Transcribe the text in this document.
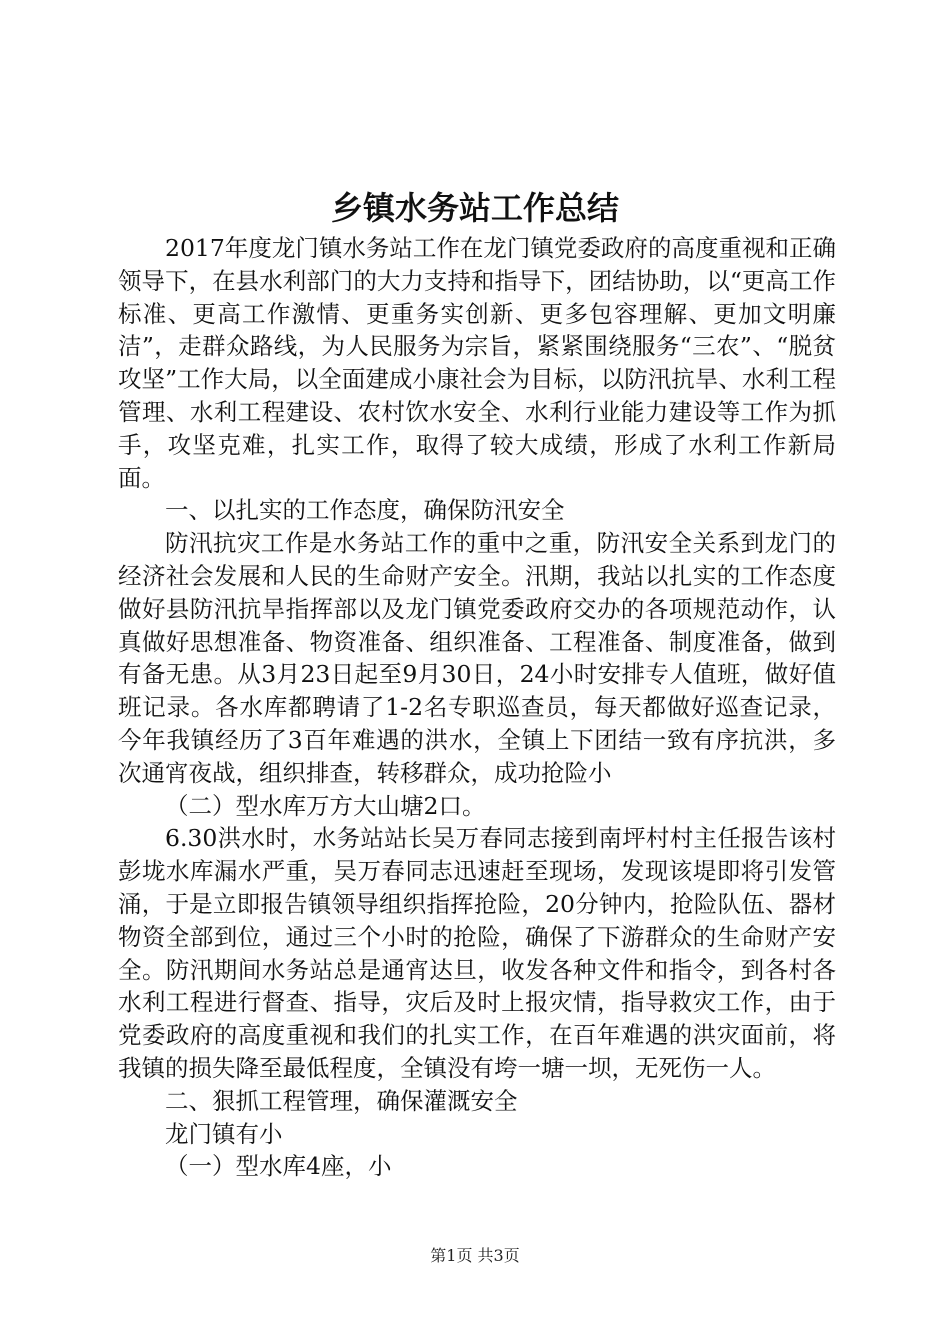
乡镇水务站工作总结

2017年度龙门镇水务站工作在龙门镇党委政府的高度重视和正确领导下，在县水利部门的大力支持和指导下，团结协助，以“更高工作标准、更高工作激情、更重务实创新、更多包容理解、更加文明廉洁”，走群众路线，为人民服务为宗旨，紧紧围绕服务“三农”、“脱贫攻坚”工作大局，以全面建成小康社会为目标，以防汛抗旱、水利工程管理、水利工程建设、农村饮水安全、水利行业能力建设等工作为抓手，攻坚克难，扎实工作，取得了较大成绩，形成了水利工作新局面。

一、以扎实的工作态度，确保防汛安全

防汛抗灾工作是水务站工作的重中之重，防汛安全关系到龙门的经济社会发展和人民的生命财产安全。汛期，我站以扎实的工作态度做好县防汛抗旱指挥部以及龙门镇党委政府交办的各项规范动作，认真做好思想准备、物资准备、组织准备、工程准备、制度准备，做到有备无患。从3月23日起至9月30日，24小时安排专人值班，做好值班记录。各水库都聘请了1-2名专职巡查员，每天都做好巡查记录，今年我镇经历了3百年难遇的洪水，全镇上下团结一致有序抗洪，多次通宵夜战，组织排查，转移群众，成功抢险小

（二）型水库万方大山塘2口。

6.30洪水时，水务站站长吴万春同志接到南坪村村主任报告该村彭垅水库漏水严重，吴万春同志迅速赶至现场，发现该堤即将引发管涌，于是立即报告镇领导组织指挥抢险，20分钟内，抢险队伍、器材物资全部到位，通过三个小时的抢险，确保了下游群众的生命财产安全。防汛期间水务站总是通宵达旦，收发各种文件和指令，到各村各水利工程进行督查、指导，灾后及时上报灾情，指导救灾工作，由于党委政府的高度重视和我们的扎实工作，在百年难遇的洪灾面前，将我镇的损失降至最低程度，全镇没有垮一塘一坝，无死伤一人。

二、狠抓工程管理，确保灌溉安全

龙门镇有小

（一）型水库4座，小

第1页 共3页
